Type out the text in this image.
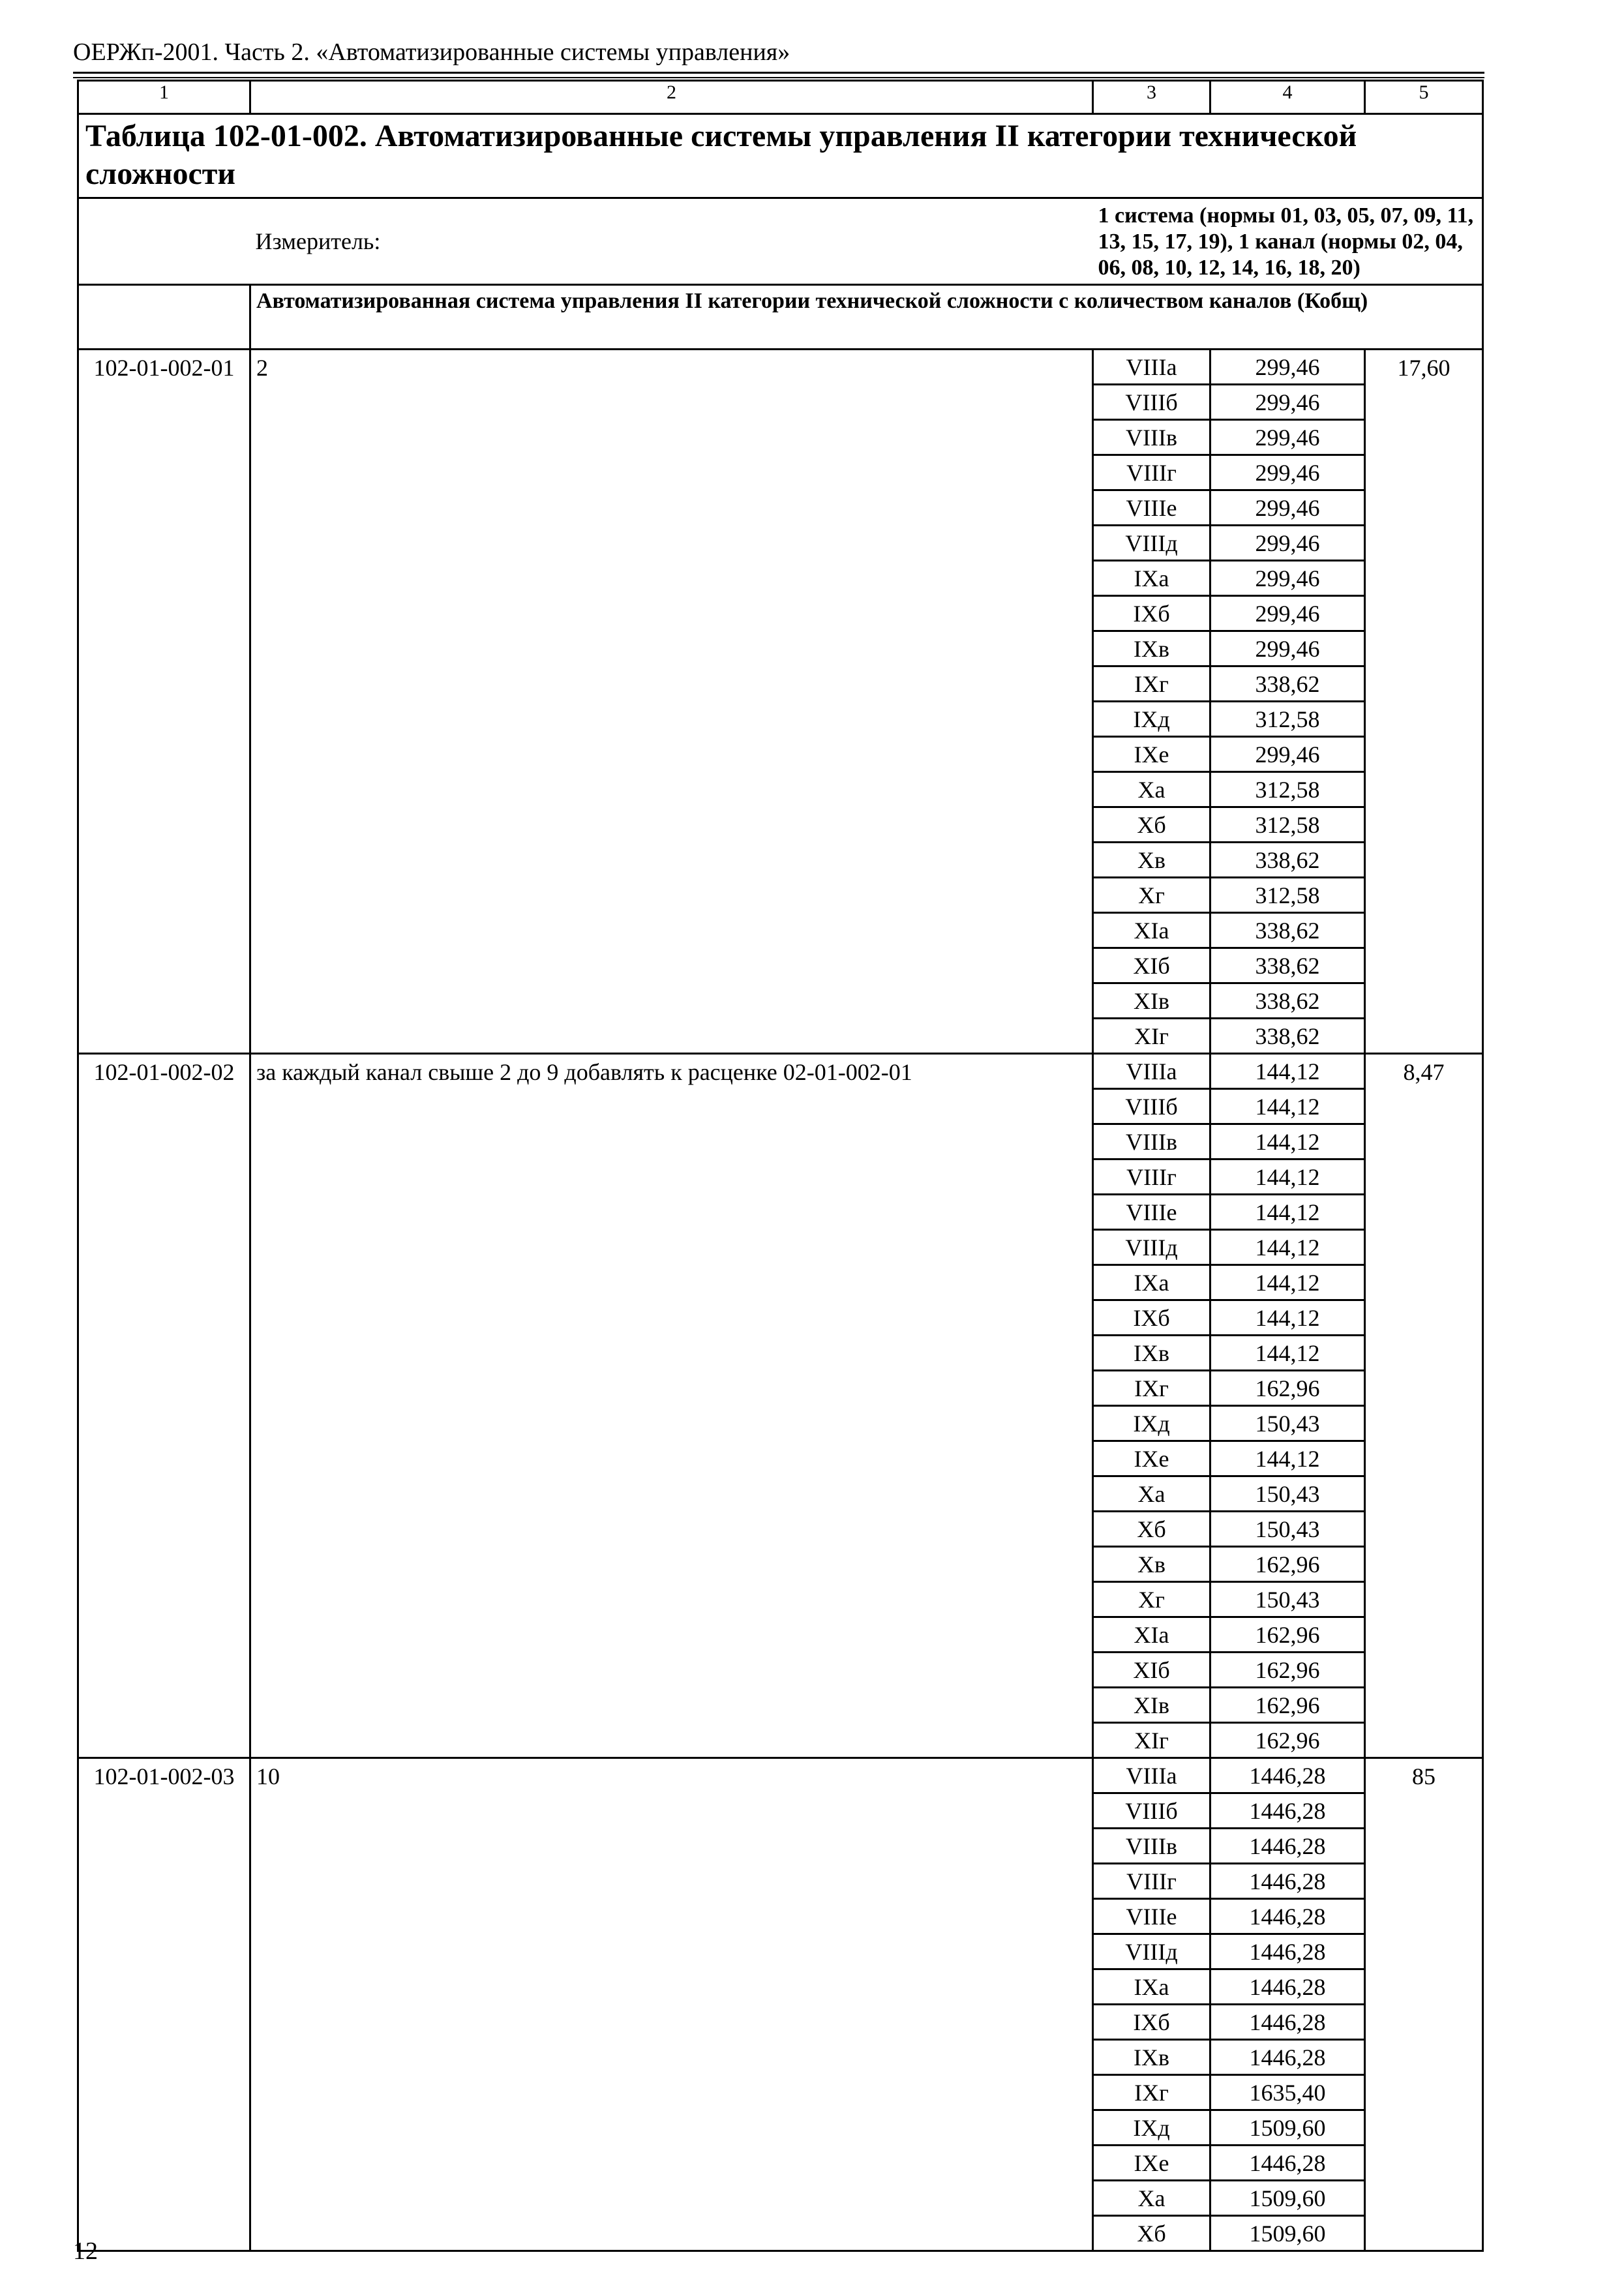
ОЕРЖп-2001. Часть 2. «Автоматизированные системы управления»
1	2	3	4	5
Таблица 102-01-002. Автоматизированные системы управления II категории технической сложности				
	Измеритель:	1 система (нормы 01, 03, 05, 07, 09, 11, 13, 15, 17, 19), 1 канал (нормы 02, 04, 06, 08, 10, 12, 14, 16, 18, 20)		
	Автоматизированная система управления II категории технической сложности с количеством каналов (Кобщ)			
102-01-002-01	2	VIIIа	299,46	17,60
		VIIIб	299,46	
		VIIIв	299,46	
		VIIIг	299,46	
		VIIIе	299,46	
		VIIIд	299,46	
		IXа	299,46	
		IXб	299,46	
		IXв	299,46	
		IXг	338,62	
		IXд	312,58	
		IXе	299,46	
		Xа	312,58	
		Xб	312,58	
		Xв	338,62	
		Xг	312,58	
		XIа	338,62	
		XIб	338,62	
		XIв	338,62	
		XIг	338,62	
102-01-002-02	за каждый канал свыше 2 до 9 добавлять к расценке 02-01-002-01	VIIIа	144,12	8,47
		VIIIб	144,12	
		VIIIв	144,12	
		VIIIг	144,12	
		VIIIе	144,12	
		VIIIд	144,12	
		IXа	144,12	
		IXб	144,12	
		IXв	144,12	
		IXг	162,96	
		IXд	150,43	
		IXе	144,12	
		Xа	150,43	
		Xб	150,43	
		Xв	162,96	
		Xг	150,43	
		XIа	162,96	
		XIб	162,96	
		XIв	162,96	
		XIг	162,96	
102-01-002-03	10	VIIIа	1446,28	85
		VIIIб	1446,28	
		VIIIв	1446,28	
		VIIIг	1446,28	
		VIIIе	1446,28	
		VIIIд	1446,28	
		IXа	1446,28	
		IXб	1446,28	
		IXв	1446,28	
		IXг	1635,40	
		IXд	1509,60	
		IXе	1446,28	
		Xа	1509,60	
		Xб	1509,60	
12
